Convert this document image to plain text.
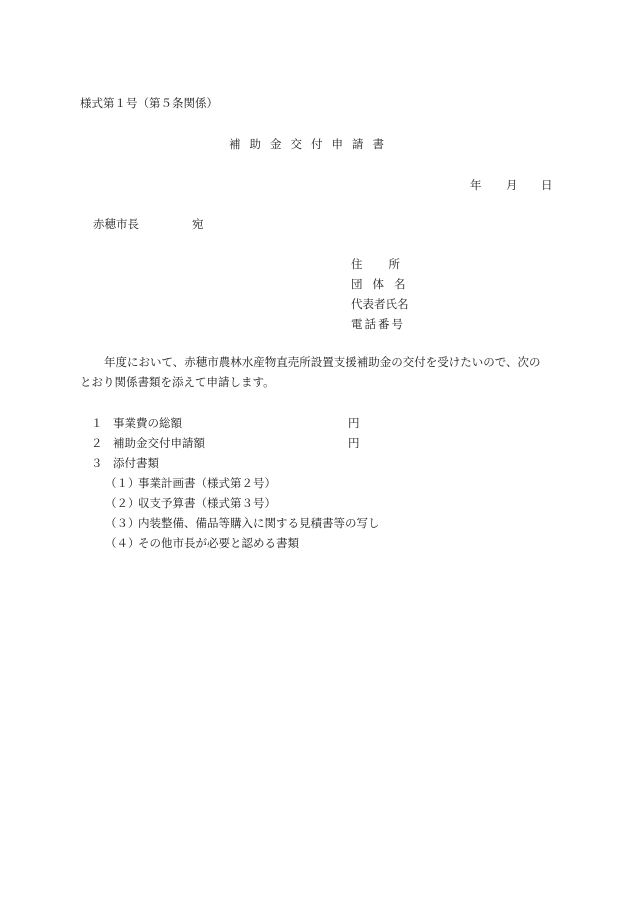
様式第１号（第５条関係）
補助金交付申請書
年 月 日
赤穂市長	宛
住所
団体名
代表者氏名
電話番号
年度において、赤穂市農林水産物直売所設置支援補助金の交付を受けたいので、次のとおり関係書類を添えて申請します。
１ 事業費の総額	円
２ 補助金交付申請額	円
３ 添付書類
（１）
事業計画書（様式第２号）
（２）
収支予算書（様式第３号）
（３）
内装整備、備品等購入に関する見積書等の写し
（４）
その他市長が必要と認める書類
